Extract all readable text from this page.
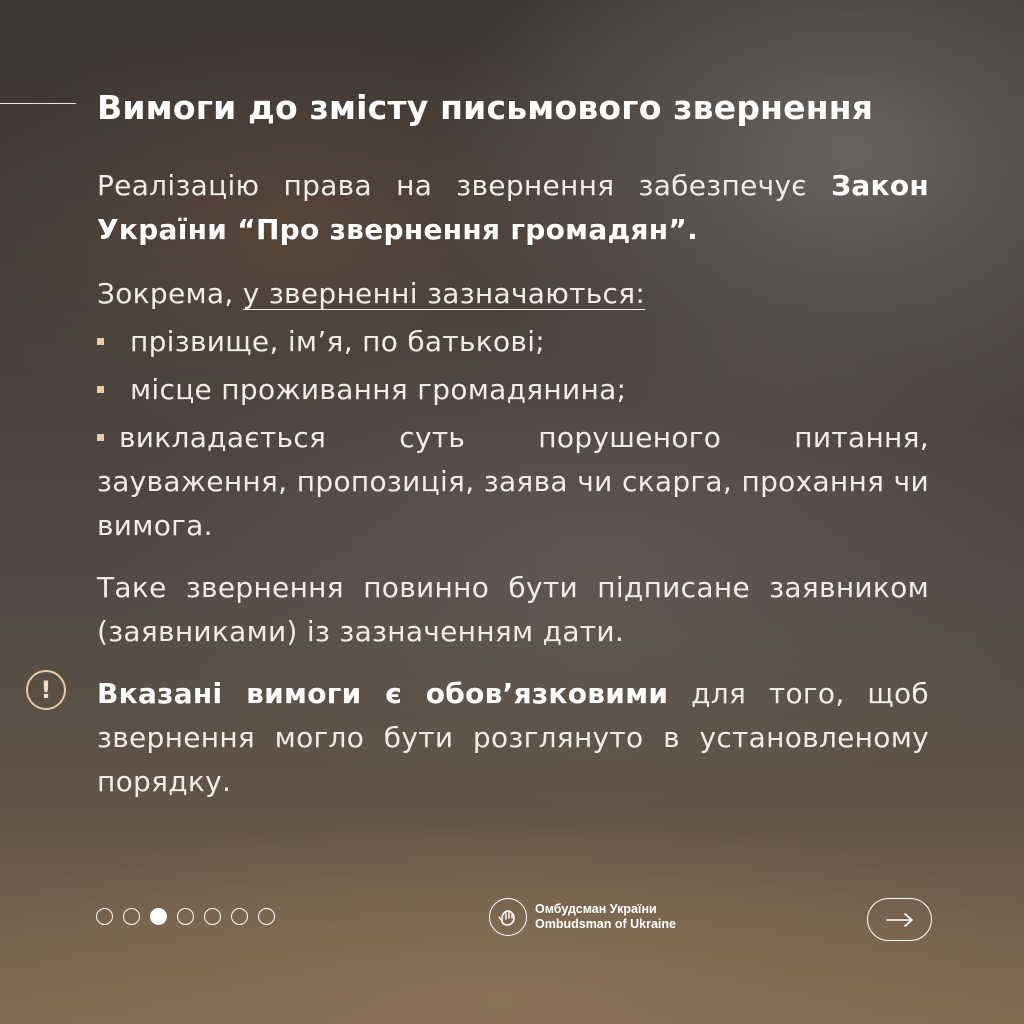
Вимоги до змісту письмового звернення
Реалізацію права на звернення забезпечує Закон України “Про звернення громадян”.
Зокрема, у зверненні зазначаються:
прізвище, ім’я, по батькові;
місце проживання громадянина;
викладається суть порушеного питання, зауваження, пропозиція, заява чи скарга, прохання чи вимога.
Таке звернення повинно бути підписане заявником (заявниками) із зазначенням дати.
! Вказані вимоги є обов’язковими для того, щоб звернення могло бути розглянуто в установленому порядку.
Омбудсман України
Ombudsman of Ukraine
